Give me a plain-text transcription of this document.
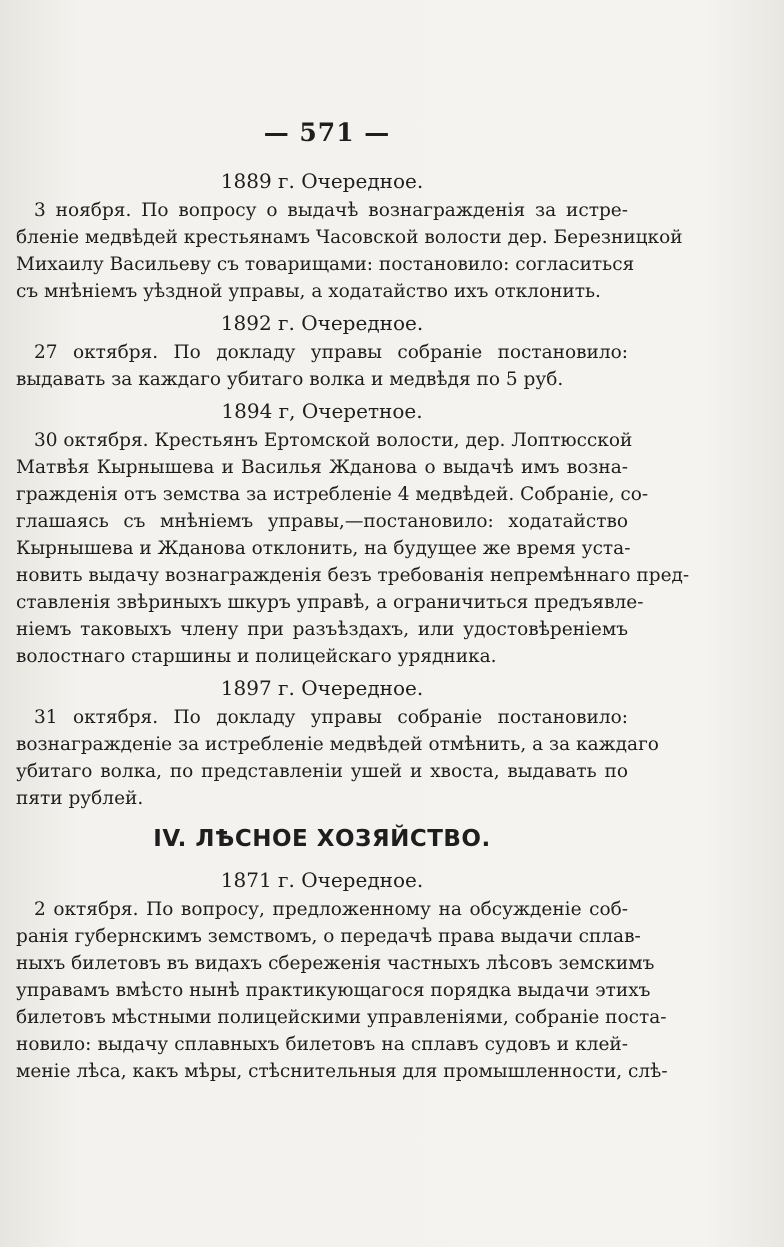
— 571 —
1889 г. Очередное.
3 ноября. По вопросу о выдачѣ вознагражденія за истре-
бленіе медвѣдей крестьянамъ Часовской волости дер. Березницкой
Михаилу Васильеву съ товарищами: постановило: согласиться
съ мнѣніемъ уѣздной управы, а ходатайство ихъ отклонить.
1892 г. Очередное.
27 октября. По докладу управы собраніе постановило:
выдавать за каждаго убитаго волка и медвѣдя по 5 руб.
1894 г, Очеретное.
30 октября. Крестьянъ Ертомской волости, дер. Лоптюсской
Матвѣя Кырнышева и Василья Жданова о выдачѣ имъ возна-
гражденія отъ земства за истребленіе 4 медвѣдей. Собраніе, со-
глашаясь съ мнѣніемъ управы,—постановило: ходатайство
Кырнышева и Жданова отклонить, на будущее же время уста-
новить выдачу вознагражденія безъ требованія непремѣннаго пред-
ставленія звѣриныхъ шкуръ управѣ, а ограничиться предъявле-
ніемъ таковыхъ члену при разъѣздахъ, или удостовѣреніемъ
волостнаго старшины и полицейскаго урядника.
1897 г. Очередное.
31 октября. По докладу управы собраніе постановило:
вознагражденіе за истребленіе медвѣдей отмѣнить, а за каждаго
убитаго волка, по представленіи ушей и хвоста, выдавать по
пяти рублей.
IV. ЛѢСНОЕ ХОЗЯЙСТВО.
1871 г. Очередное.
2 октября. По вопросу, предложенному на обсужденіе соб-
ранія губернскимъ земствомъ, о передачѣ права выдачи сплав-
ныхъ билетовъ въ видахъ сбереженія частныхъ лѣсовъ земскимъ
управамъ вмѣсто нынѣ практикующагося порядка выдачи этихъ
билетовъ мѣстными полицейскими управленіями, собраніе поста-
новило: выдачу сплавныхъ билетовъ на сплавъ судовъ и клей-
меніе лѣса, какъ мѣры, стѣснительныя для промышленности, слѣ-
